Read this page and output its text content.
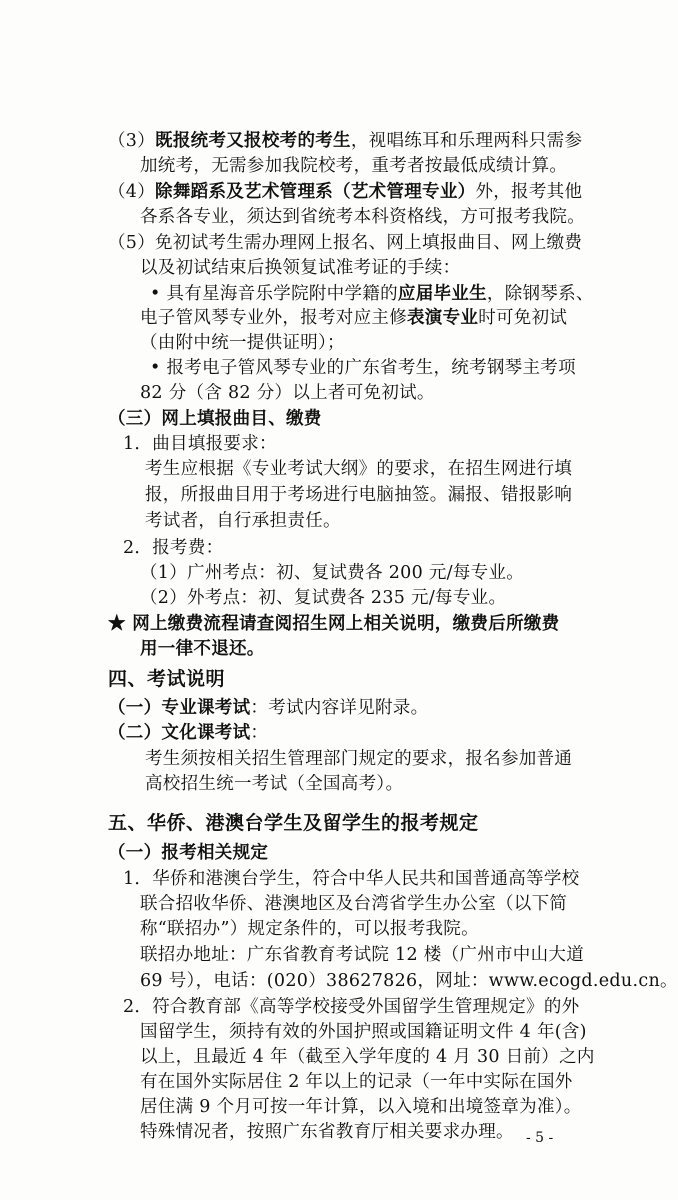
（3）既报统考又报校考的考生，视唱练耳和乐理两科只需参
加统考，无需参加我院校考，重考者按最低成绩计算。
（4）除舞蹈系及艺术管理系（艺术管理专业）外，报考其他
各系各专业，须达到省统考本科资格线，方可报考我院。
（5）免初试考生需办理网上报名、网上填报曲目、网上缴费
以及初试结束后换领复试准考证的手续：
• 具有星海音乐学院附中学籍的应届毕业生，除钢琴系、
电子管风琴专业外，报考对应主修表演专业时可免初试
（由附中统一提供证明）；
• 报考电子管风琴专业的广东省考生，统考钢琴主考项
82 分（含 82 分）以上者可免初试。
（三）网上填报曲目、缴费
1．曲目填报要求：
考生应根据《专业考试大纲》的要求，在招生网进行填
报，所报曲目用于考场进行电脑抽签。漏报、错报影响
考试者，自行承担责任。
2．报考费：
（1）广州考点：初、复试费各 200 元/每专业。
（2）外考点：初、复试费各 235 元/每专业。
★ 网上缴费流程请查阅招生网上相关说明，缴费后所缴费
用一律不退还。
四、考试说明
（一）专业课考试：考试内容详见附录。
（二）文化课考试：
考生须按相关招生管理部门规定的要求，报名参加普通
高校招生统一考试（全国高考）。
五、华侨、港澳台学生及留学生的报考规定
（一）报考相关规定
1．华侨和港澳台学生，符合中华人民共和国普通高等学校
联合招收华侨、港澳地区及台湾省学生办公室（以下简
称“联招办”）规定条件的，可以报考我院。
联招办地址：广东省教育考试院 12 楼（广州市中山大道
69 号），电话：(020）38627826，网址：www.ecogd.edu.cn。
2．符合教育部《高等学校接受外国留学生管理规定》的外
国留学生，须持有效的外国护照或国籍证明文件 4 年(含)
以上，且最近 4 年（截至入学年度的 4 月 30 日前）之内
有在国外实际居住 2 年以上的记录（一年中实际在国外
居住满 9 个月可按一年计算，以入境和出境签章为准）。
特殊情况者，按照广东省教育厅相关要求办理。 - 5 -
